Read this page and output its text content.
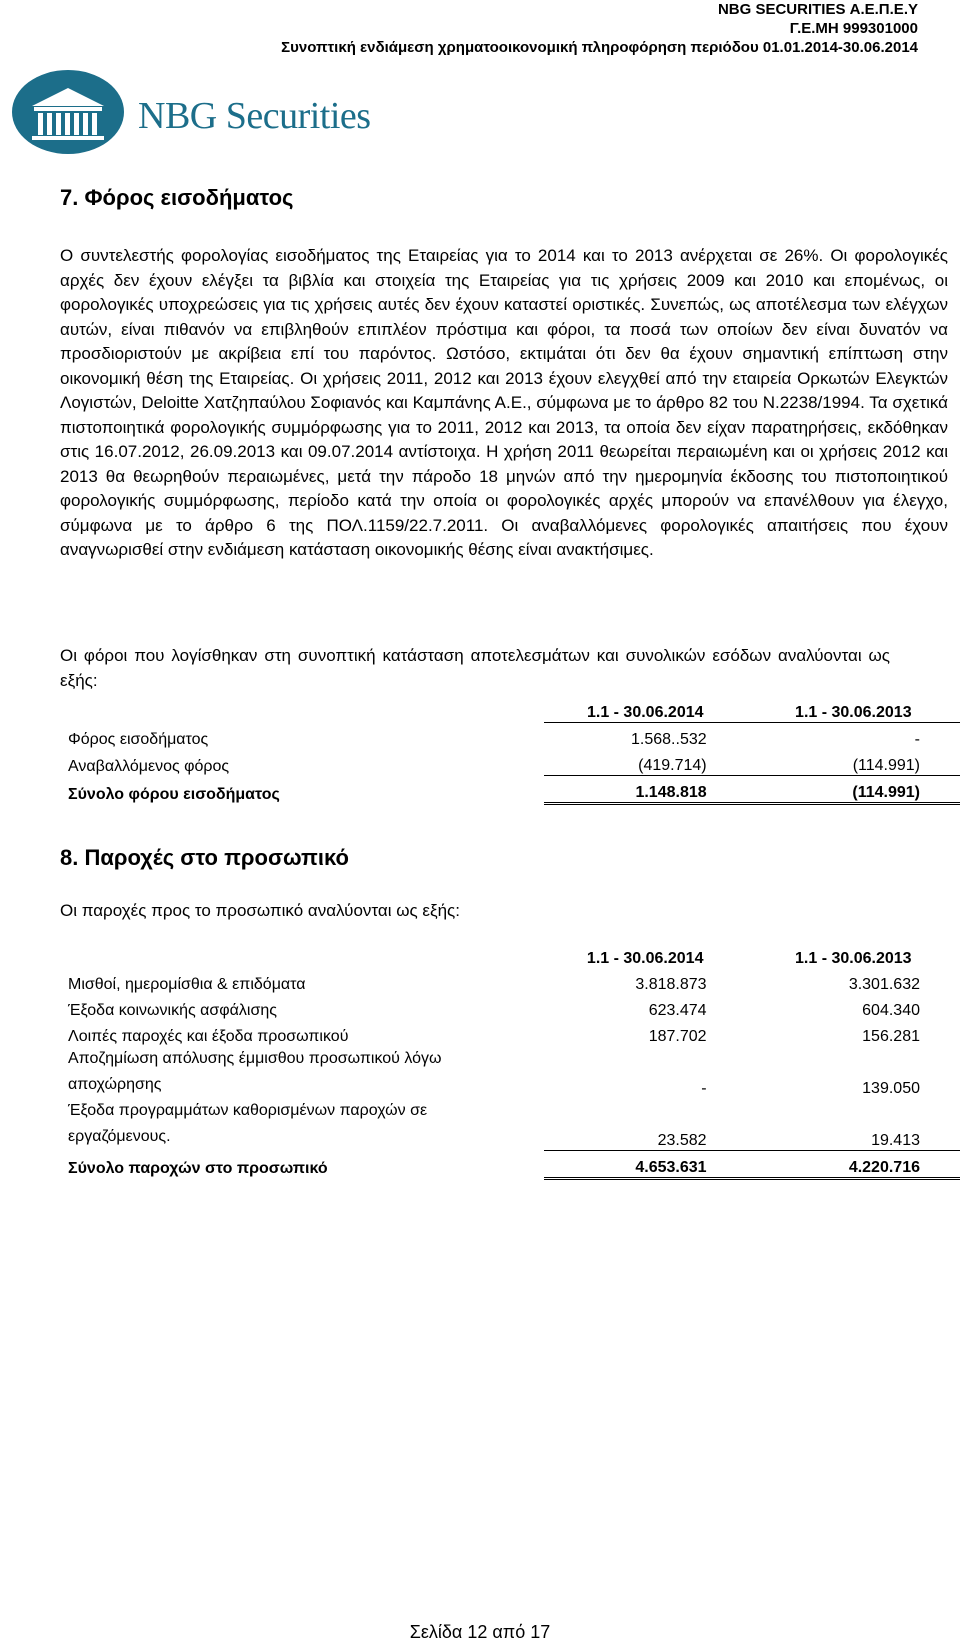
NBG SECURITIES Α.Ε.Π.Ε.Υ
Γ.Ε.ΜΗ 999301000
Συνοπτική ενδιάμεση χρηματοοικονομική πληροφόρηση περιόδου 01.01.2014-30.06.2014
NBG Securities
7. Φόρος εισοδήματος
Ο συντελεστής φορολογίας εισοδήματος της Εταιρείας για το 2014 και το 2013 ανέρχεται σε 26%. Οι φορολογικές αρχές δεν έχουν ελέγξει τα βιβλία και στοιχεία της Εταιρείας για τις χρήσεις 2009 και 2010 και επομένως, οι φορολογικές υποχρεώσεις για τις χρήσεις αυτές δεν έχουν καταστεί οριστικές. Συνεπώς, ως αποτέλεσμα των ελέγχων αυτών, είναι πιθανόν να επιβληθούν επιπλέον πρόστιμα και φόροι, τα ποσά των οποίων δεν είναι δυνατόν να προσδιοριστούν με ακρίβεια επί του παρόντος. Ωστόσο, εκτιμάται ότι δεν θα έχουν σημαντική επίπτωση στην οικονομική θέση της Εταιρείας. Οι χρήσεις 2011, 2012 και 2013 έχουν ελεγχθεί από την εταιρεία Ορκωτών Ελεγκτών Λογιστών, Deloitte Χατζηπαύλου Σοφιανός και Καμπάνης Α.Ε., σύμφωνα με το άρθρο 82 του Ν.2238/1994. Τα σχετικά πιστοποιητικά φορολογικής συμμόρφωσης για το 2011, 2012 και 2013, τα οποία δεν είχαν παρατηρήσεις, εκδόθηκαν στις 16.07.2012, 26.09.2013 και 09.07.2014 αντίστοιχα. Η χρήση 2011 θεωρείται περαιωμένη και οι χρήσεις 2012 και 2013 θα θεωρηθούν περαιωμένες, μετά την πάροδο 18 μηνών από την ημερομηνία έκδοσης του πιστοποιητικού φορολογικής συμμόρφωσης, περίοδο κατά την οποία οι φορολογικές αρχές μπορούν να επανέλθουν για έλεγχο, σύμφωνα με το άρθρο 6 της ΠΟΛ.1159/22.7.2011. Οι αναβαλλόμενες φορολογικές απαιτήσεις που έχουν αναγνωρισθεί στην ενδιάμεση κατάσταση οικονομικής θέσης είναι ανακτήσιμες.
Οι φόροι που λογίσθηκαν στη συνοπτική κατάσταση αποτελεσμάτων και συνολικών εσόδων αναλύονται ως εξής:
	1.1 - 30.06.2014	1.1 - 30.06.2013
Φόρος εισοδήματος	1.568..532	-
Αναβαλλόμενος φόρος	(419.714)	(114.991)
Σύνολο φόρου εισοδήματος	1.148.818	(114.991)
8. Παροχές στο προσωπικό
Οι παροχές προς το προσωπικό αναλύονται ως εξής:
	1.1 - 30.06.2014	1.1 - 30.06.2013
Μισθοί, ημερομίσθια & επιδόματα	3.818.873	3.301.632
Έξοδα κοινωνικής ασφάλισης	623.474	604.340
Λοιπές παροχές και έξοδα προσωπικού	187.702	156.281

Αποζημίωση απόλυσης έμμισθου προσωπικού λόγω
αποχώρησης	-	139.050

Έξοδα προγραμμάτων καθορισμένων παροχών σε
εργαζόμενους.	23.582	19.413
Σύνολο παροχών στο προσωπικό	4.653.631	4.220.716
Σελίδα 12 από 17
